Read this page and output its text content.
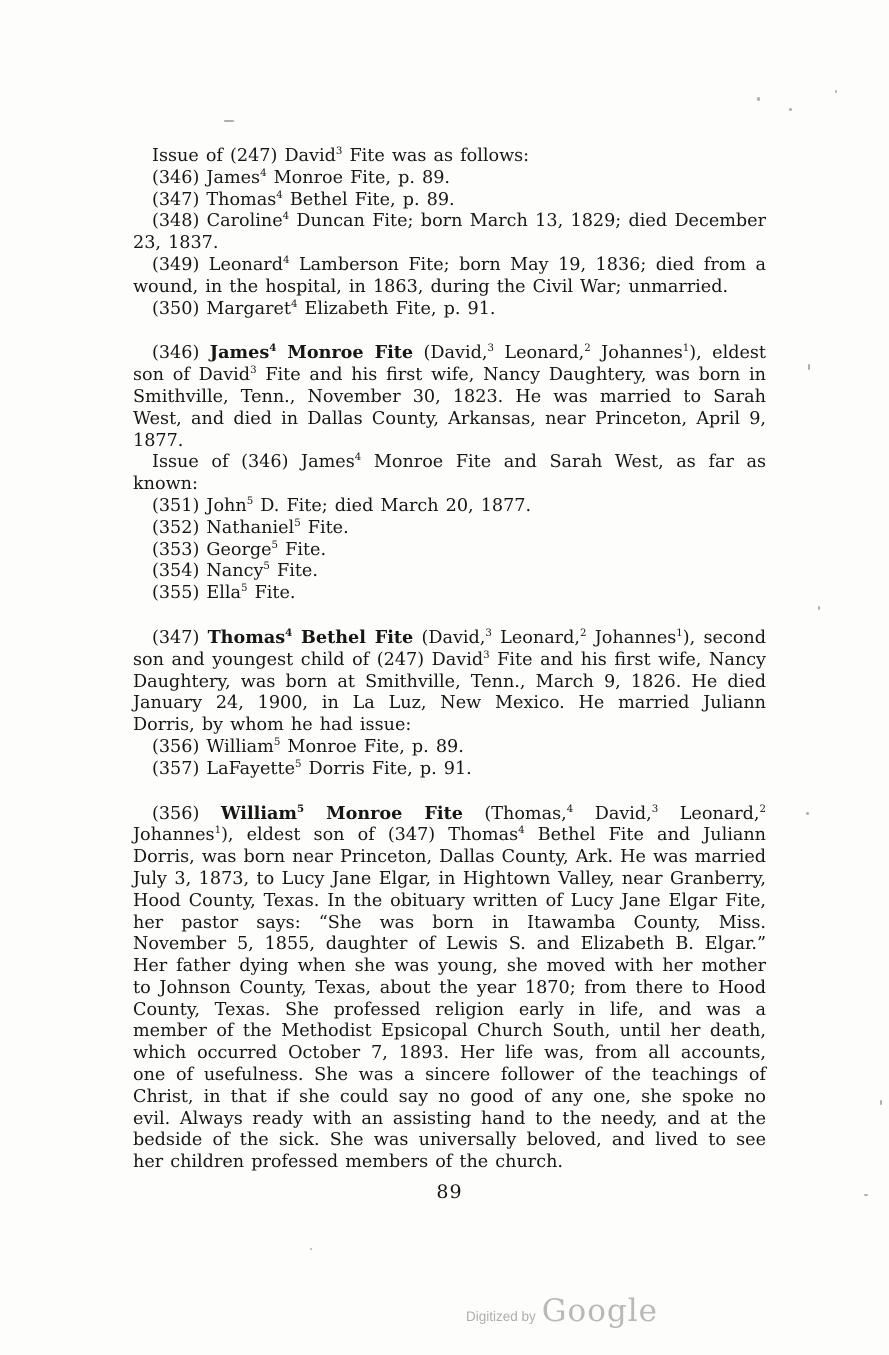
Issue of (247) David$^3$ Fite was as follows:

(346) James$^4$ Monroe Fite, p. 89.

(347) Thomas$^4$ Bethel Fite, p. 89.

(348) Caroline$^4$ Duncan Fite; born March 13, 1829; died December 23, 1837.

(349) Leonard$^4$ Lamberson Fite; born May 19, 1836; died from a wound, in the hospital, in 1863, during the Civil War; unmarried.

(350) Margaret$^4$ Elizabeth Fite, p. 91.

(346) James$^4$ Monroe Fite (David,$^3$ Leonard,$^2$ Johannes$^1$), eldest son of David$^3$ Fite and his first wife, Nancy Daughtery, was born in Smithville, Tenn., November 30, 1823. He was married to Sarah West, and died in Dallas County, Arkansas, near Princeton, April 9, 1877.

Issue of (346) James$^4$ Monroe Fite and Sarah West, as far as known:

(351) John$^5$ D. Fite; died March 20, 1877.

(352) Nathaniel$^5$ Fite.

(353) George$^5$ Fite.

(354) Nancy$^5$ Fite.

(355) Ella$^5$ Fite.

(347) Thomas$^4$ Bethel Fite (David,$^3$ Leonard,$^2$ Johannes$^1$), second son and youngest child of (247) David$^3$ Fite and his first wife, Nancy Daughtery, was born at Smithville, Tenn., March 9, 1826. He died January 24, 1900, in La Luz, New Mexico. He married Juliann Dorris, by whom he had issue:

(356) William$^5$ Monroe Fite, p. 89.

(357) LaFayette$^5$ Dorris Fite, p. 91.

(356) William$^5$ Monroe Fite (Thomas,$^4$ David,$^3$ Leonard,$^2$ Johannes$^1$), eldest son of (347) Thomas$^4$ Bethel Fite and Juliann Dorris, was born near Princeton, Dallas County, Ark. He was married July 3, 1873, to Lucy Jane Elgar, in Hightown Valley, near Granberry, Hood County, Texas. In the obituary written of Lucy Jane Elgar Fite, her pastor says: “She was born in Itawamba County, Miss. November 5, 1855, daughter of Lewis S. and Elizabeth B. Elgar.” Her father dying when she was young, she moved with her mother to Johnson County, Texas, about the year 1870; from there to Hood County, Texas. She professed religion early in life, and was a member of the Methodist Epsicopal Church South, until her death, which occurred October 7, 1893. Her life was, from all accounts, one of usefulness. She was a sincere follower of the teachings of Christ, in that if she could say no good of any one, she spoke no evil. Always ready with an assisting hand to the needy, and at the bedside of the sick. She was universally beloved, and lived to see her children professed members of the church.

89

Digitized by Google
